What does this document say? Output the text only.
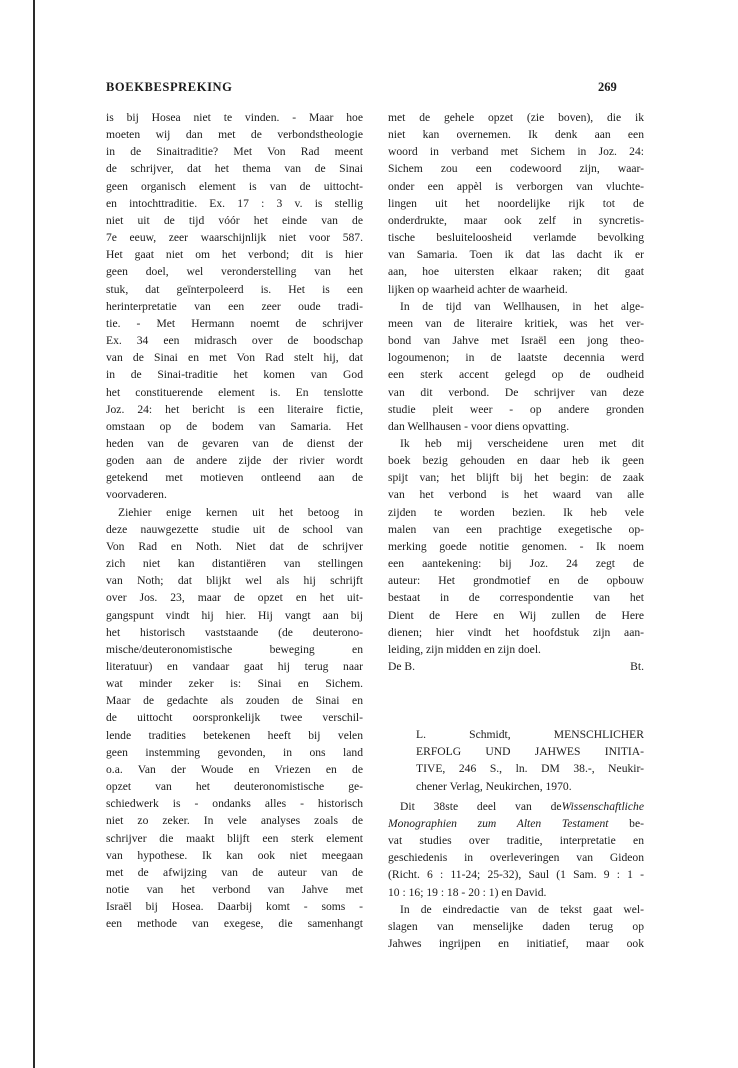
BOEKBESPREKING	269

is bij Hosea niet te vinden. - Maar hoe
moeten wij dan met de verbondstheologie
in de Sinaitraditie? Met Von Rad meent
de schrijver, dat het thema van de Sinai
geen organisch element is van de uittocht-
en intochttraditie. Ex. 17 : 3 v. is stellig
niet uit de tijd vóór het einde van de
7e eeuw, zeer waarschijnlijk niet voor 587.
Het gaat niet om het verbond; dit is hier
geen doel, wel veronderstelling van het
stuk, dat geïnterpoleerd is. Het is een
herinterpretatie van een zeer oude tradi-
tie. - Met Hermann noemt de schrijver
Ex. 34 een midrasch over de boodschap
van de Sinai en met Von Rad stelt hij, dat
in de Sinai-traditie het komen van God
het constituerende element is. En tenslotte
Joz. 24: het bericht is een literaire fictie,
omstaan op de bodem van Samaria. Het
heden van de gevaren van de dienst der
goden aan de andere zijde der rivier wordt
getekend met motieven ontleend aan de
voorvaderen.

Ziehier enige kernen uit het betoog in
deze nauwgezette studie uit de school van
Von Rad en Noth. Niet dat de schrijver
zich niet kan distantiëren van stellingen
van Noth; dat blijkt wel als hij schrijft
over Jos. 23, maar de opzet en het uit-
gangspunt vindt hij hier. Hij vangt aan bij
het historisch vaststaande (de deuterono-
mische/deuteronomistische beweging en
literatuur) en vandaar gaat hij terug naar
wat minder zeker is: Sinai en Sichem.
Maar de gedachte als zouden de Sinai en
de uittocht oorspronkelijk twee verschil-
lende tradities betekenen heeft bij velen
geen instemming gevonden, in ons land
o.a. Van der Woude en Vriezen en de
opzet van het deuteronomistische ge-
schiedwerk is - ondanks alles - historisch
niet zo zeker. In vele analyses zoals de
schrijver die maakt blijft een sterk element
van hypothese. Ik kan ook niet meegaan
met de afwijzing van de auteur van de
notie van het verbond van Jahve met
Israël bij Hosea. Daarbij komt - soms -
een methode van exegese, die samenhangt

met de gehele opzet (zie boven), die ik
niet kan overnemen. Ik denk aan een
woord in verband met Sichem in Joz. 24:
Sichem zou een codewoord zijn, waar-
onder een appèl is verborgen van vluchte-
lingen uit het noordelijke rijk tot de
onderdrukte, maar ook zelf in syncretis-
tische besluiteloosheid verlamde bevolking
van Samaria. Toen ik dat las dacht ik er
aan, hoe uitersten elkaar raken; dit gaat
lijken op waarheid achter de waarheid.

In de tijd van Wellhausen, in het alge-
meen van de literaire kritiek, was het ver-
bond van Jahve met Israël een jong theo-
logoumenon; in de laatste decennia werd
een sterk accent gelegd op de oudheid
van dit verbond. De schrijver van deze
studie pleit weer - op andere gronden
dan Wellhausen - voor diens opvatting.

Ik heb mij verscheidene uren met dit
boek bezig gehouden en daar heb ik geen
spijt van; het blijft bij het begin: de zaak
van het verbond is het waard van alle
zijden te worden bezien. Ik heb vele
malen van een prachtige exegetische op-
merking goede notitie genomen. - Ik noem
een aantekening: bij Joz. 24 zegt de
auteur: Het grondmotief en de opbouw
bestaat in de correspondentie van het
Dient de Here en Wij zullen de Here
dienen; hier vindt het hoofdstuk zijn aan-
leiding, zijn midden en zijn doel.

De B.	Bt.

L. Schmidt, MENSCHLICHER
ERFOLG UND JAHWES INITIA-
TIVE, 246 S., ln. DM 38.-, Neukir-
chener Verlag, Neukirchen, 1970.

Dit 38ste deel van deWissenschaftliche
Monographien zum Alten Testament be-
vat studies over traditie, interpretatie en
geschiedenis in overleveringen van Gideon
(Richt. 6 : 11-24; 25-32), Saul (1 Sam. 9 : 1 -
10 : 16; 19 : 18 - 20 : 1) en David.

In de eindredactie van de tekst gaat wel-
slagen van menselijke daden terug op
Jahwes ingrijpen en initiatief, maar ook
